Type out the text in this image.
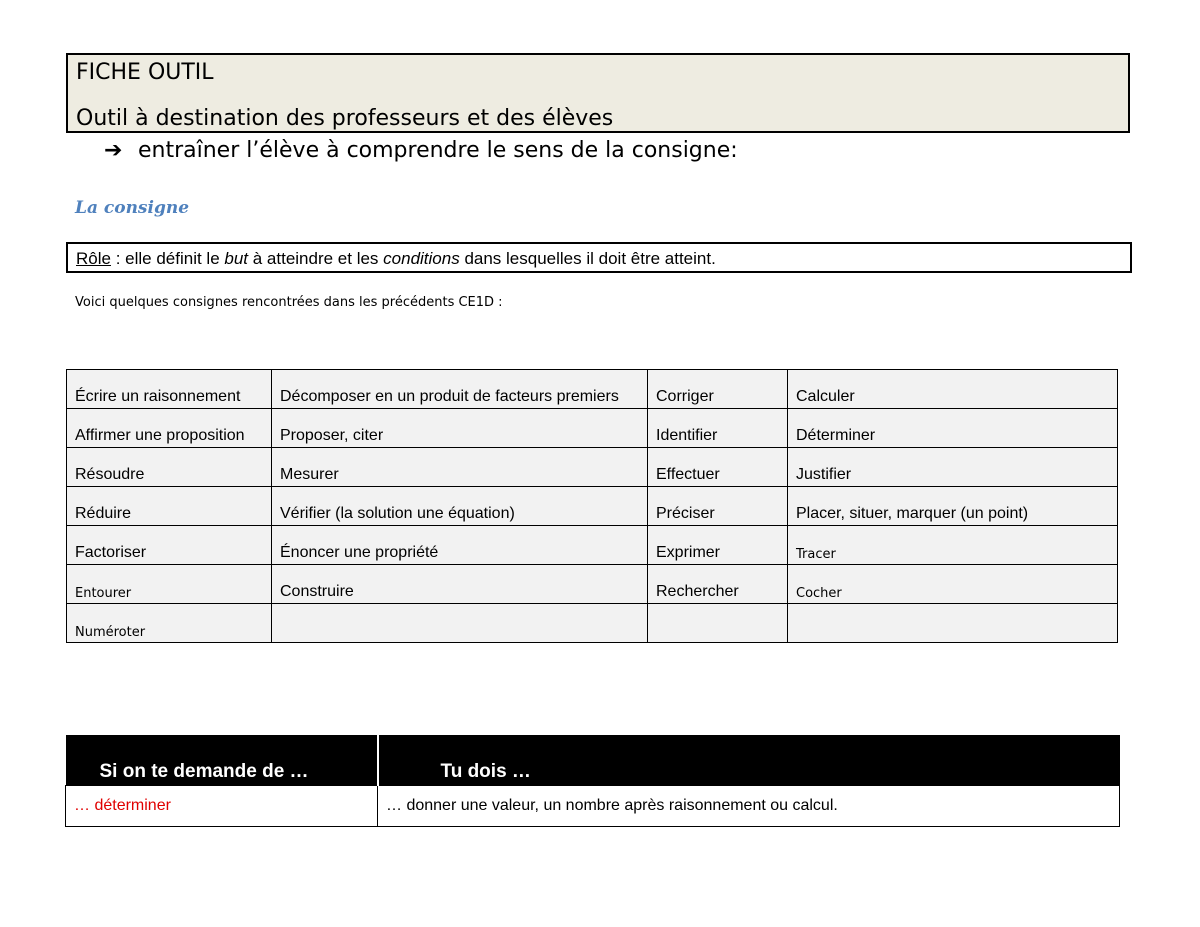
FICHE OUTIL
Outil à destination des professeurs et des élèves
➔ entraîner l’élève à comprendre le sens de la consigne:
La consigne
Rôle : elle définit le but à atteindre et les conditions dans lesquelles il doit être atteint.
Voici quelques consignes rencontrées dans les précédents CE1D :
Écrire un raisonnement	Décomposer en un produit de facteurs premiers	Corriger	Calculer
Affirmer une proposition	Proposer, citer	Identifier	Déterminer
Résoudre	Mesurer	Effectuer	Justifier
Réduire	Vérifier (la solution une équation)	Préciser	Placer, situer, marquer (un point)
Factoriser	Énoncer une propriété	Exprimer	Tracer
Entourer	Construire	Rechercher	Cocher
Numéroter			
Si on te demande de …	Tu dois …
… déterminer	… donner une valeur, un nombre après raisonnement ou calcul.
